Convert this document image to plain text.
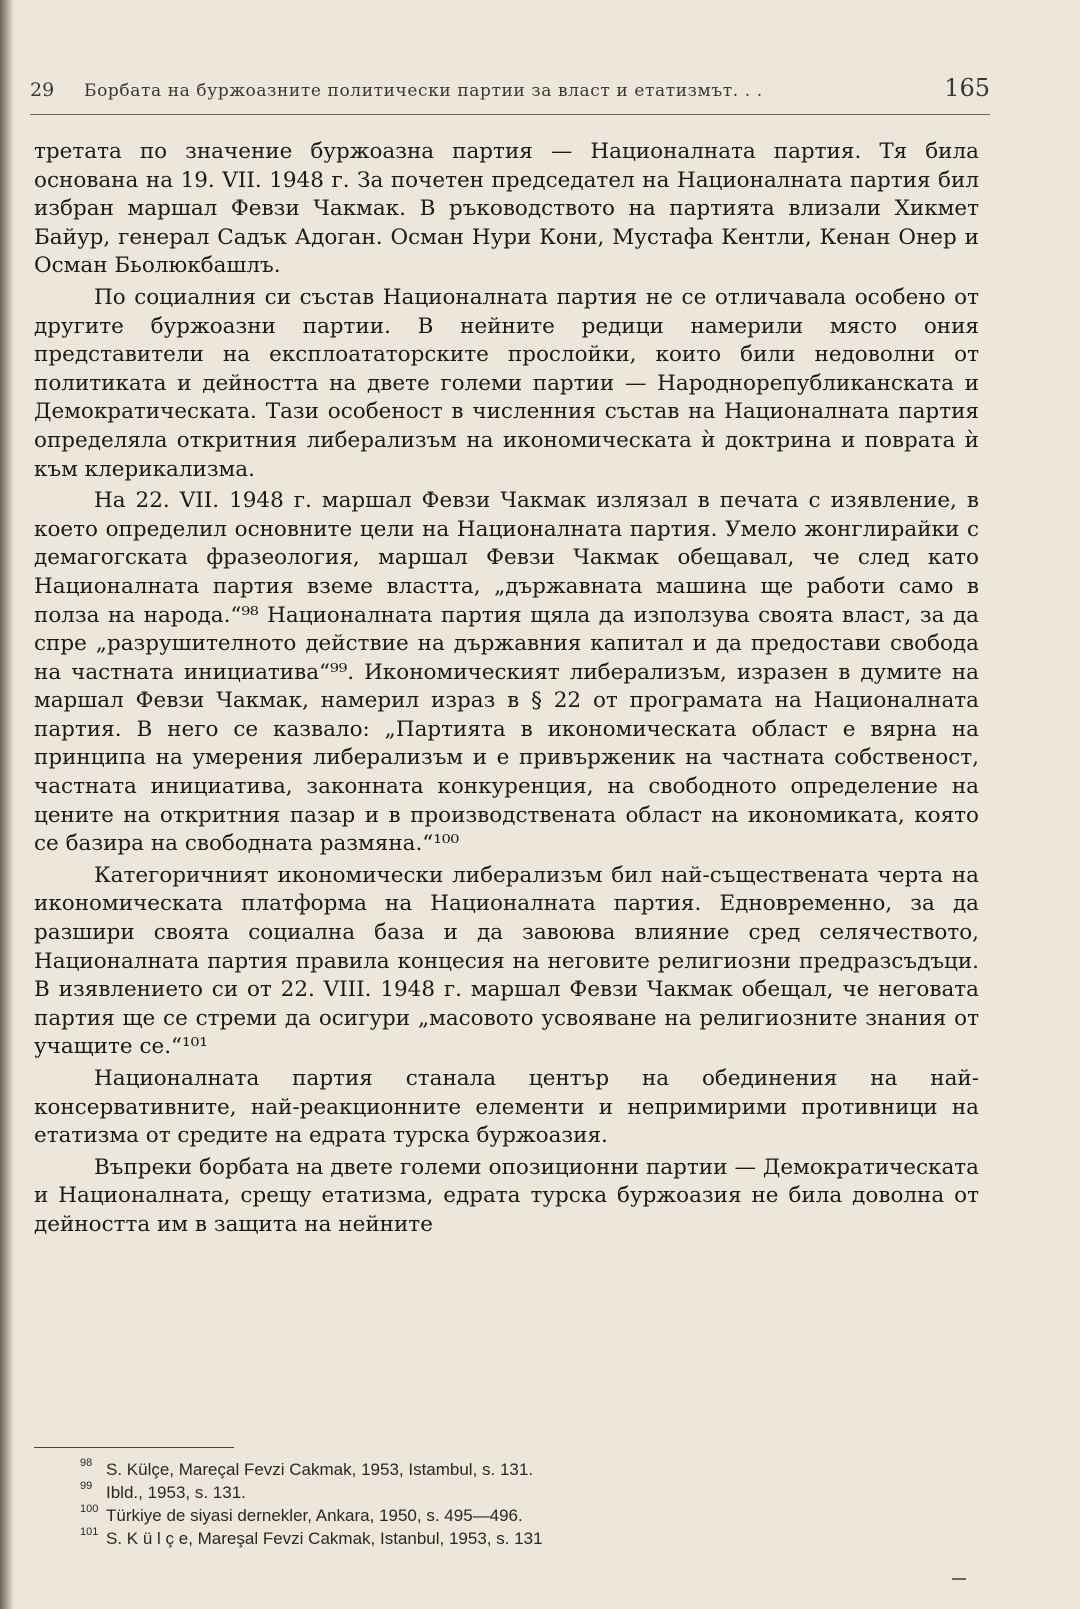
29	Борбата на буржоазните политически партии за власт и етатизмът. . .	165

третата по значение буржоазна партия — Националната партия. Тя била основана на 19. VII. 1948 г. За почетен председател на Националната партия бил избран маршал Февзи Чакмак. В ръководството на партията влизали Хикмет Байур, генерал Садък Адоган. Осман Нури Кони, Мустафа Кентли, Кенан Онер и Осман Бьолюкбашлъ.

По социалния си състав Националната партия не се отличавала особено от другите буржоазни партии. В нейните редици намерили място ония представители на експлоататорските прослойки, които били недоволни от политиката и дейността на двете големи партии — Народнорепубликанската и Демократическата. Тази особеност в численния състав на Националната партия определяла откритния либерализъм на икономическата ѝ доктрина и повратa ѝ към клерикализма.

На 22. VII. 1948 г. маршал Февзи Чакмак излязал в печата с изявление, в което определил основните цели на Националната партия. Умело жонглирайки с демагогската фразеология, маршал Февзи Чакмак обещавал, че след като Националната партия вземе властта, „държавната машина ще работи само в полза на народа.“⁹⁸ Националната партия щяла да използува своята власт, за да спре „разрушителното действие на държавния капитал и да предостави свобода на частната инициатива“⁹⁹. Икономическият либерализъм, изразен в думите на маршал Февзи Чакмак, намерил израз в § 22 от програмата на Националната партия. В него се казвало: „Партията в икономическата област е вярна на принципа на умерения либерализъм и е привърженик на частната собственост, частната инициатива, законната конкуренция, на свободното определение на цените на откритния пазар и в производствената област на икономиката, която се базира на свободната размяна.“¹⁰⁰

Категоричният икономически либерализъм бил най-съществената черта на икономическата платформа на Националната партия. Едновременно, за да разшири своята социална база и да завоюва влияние сред селячеството, Националната партия правила концесия на неговите религиозни предразсъдъци. В изявлението си от 22. VIII. 1948 г. маршал Февзи Чакмак обещал, че неговата партия ще се стреми да осигури „масовото усвояване на религиозните знания от учащите се.“¹⁰¹

Националната партия станала център на обединения на най-консервативните, най-реакционните елементи и непримирими противници на етатизма от средите на едрата турска буржоазия.

Въпреки борбата на двете големи опозиционни партии — Демократическата и Националната, срещу етатизма, едрата турска буржоазия не била доволна от дейността им в защита на нейните

98 S. Külçe, Mareçal Fevzi Cakmak, 1953, Istambul, s. 131.
99 Ibld., 1953, s. 131.
100 Türkiye de siyasi dernekler, Ankara, 1950, s. 495—496.
101 S. K ü l ç e, Mareşal Fevzi Cakmak, Istanbul, 1953, s. 131
